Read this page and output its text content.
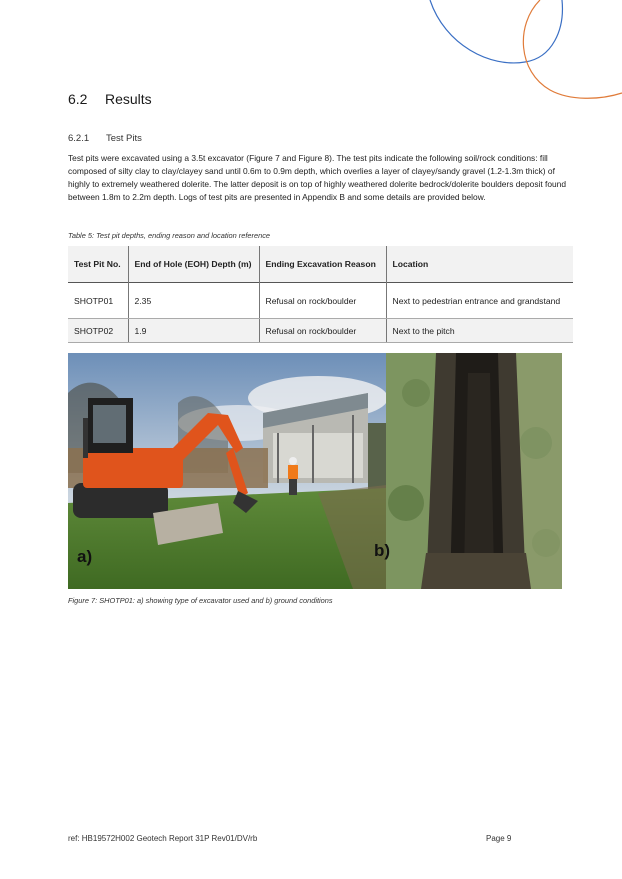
6.2 Results
6.2.1 Test Pits
Test pits were excavated using a 3.5t excavator (Figure 7 and Figure 8). The test pits indicate the following soil/rock conditions: fill composed of silty clay to clay/clayey sand until 0.6m to 0.9m depth, which overlies a layer of clayey/sandy gravel (1.2-1.3m thick) of highly to extremely weathered dolerite. The latter deposit is on top of highly weathered dolerite bedrock/dolerite boulders deposit found between 1.8m to 2.2m depth. Logs of test pits are presented in Appendix B and some details are provided below.
Table 5: Test pit depths, ending reason and location reference
Test Pit No.	End of Hole (EOH) Depth (m)	Ending Excavation Reason	Location
SHOTP01	2.35	Refusal on rock/boulder	Next to pedestrian entrance and grandstand
SHOTP02	1.9	Refusal on rock/boulder	Next to the pitch
a)	b)
Figure 7: SHOTP01: a) showing type of excavator used and b) ground conditions
ref: HB19572H002 Geotech Report 31P Rev01/DV/rb	Page 9
